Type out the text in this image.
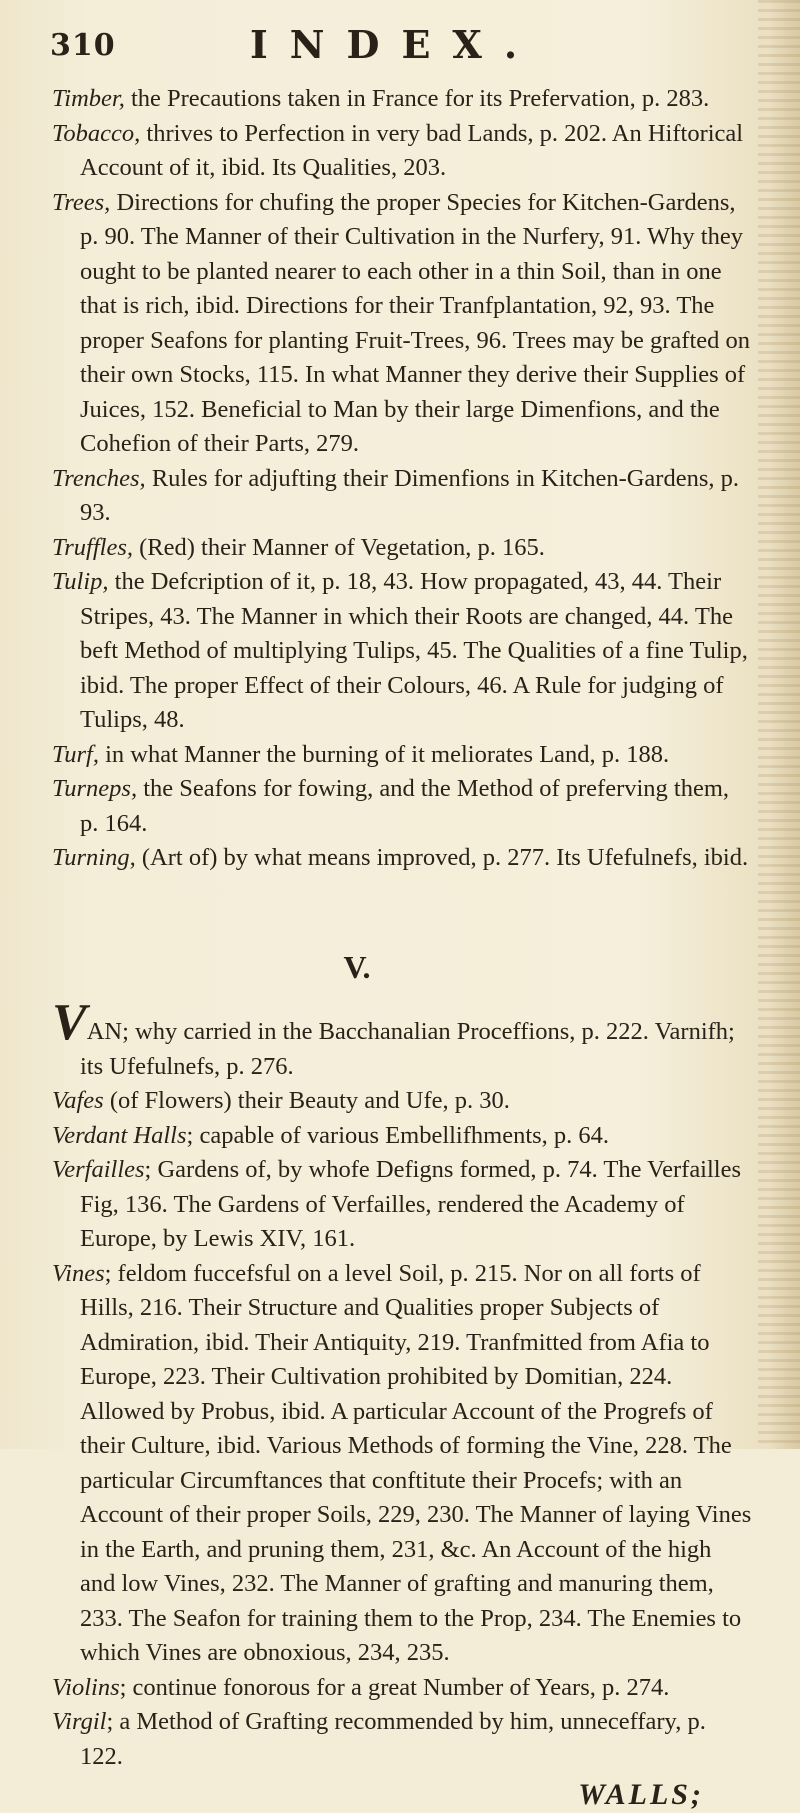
310	INDEX.

Timber, the Precautions taken in France for its Prefervation, p. 283.

Tobacco, thrives to Perfection in very bad Lands, p. 202. An Hiftorical Account of it, ibid. Its Qualities, 203.

Trees, Directions for chufing the proper Species for Kitchen-Gardens, p. 90. The Manner of their Cultivation in the Nurfery, 91. Why they ought to be planted nearer to each other in a thin Soil, than in one that is rich, ibid. Directions for their Tranfplantation, 92, 93. The proper Seafons for planting Fruit-Trees, 96. Trees may be grafted on their own Stocks, 115. In what Manner they derive their Supplies of Juices, 152. Beneficial to Man by their large Dimenfions, and the Cohefion of their Parts, 279.

Trenches, Rules for adjufting their Dimenfions in Kitchen-Gardens, p. 93.

Truffles, (Red) their Manner of Vegetation, p. 165.

Tulip, the Defcription of it, p. 18, 43. How propagated, 43, 44. Their Stripes, 43. The Manner in which their Roots are changed, 44. The beft Method of multiplying Tulips, 45. The Qualities of a fine Tulip, ibid. The proper Effect of their Colours, 46. A Rule for judging of Tulips, 48.

Turf, in what Manner the burning of it meliorates Land, p. 188.

Turneps, the Seafons for fowing, and the Method of preferving them, p. 164.

Turning, (Art of) by what means improved, p. 277. Its Ufefulnefs, ibid.

V.

VAN; why carried in the Bacchanalian Proceffions, p. 222. Varnifh; its Ufefulnefs, p. 276.

Vafes (of Flowers) their Beauty and Ufe, p. 30.

Verdant Halls; capable of various Embellifhments, p. 64.

Verfailles; Gardens of, by whofe Defigns formed, p. 74. The Verfailles Fig, 136. The Gardens of Verfailles, rendered the Academy of Europe, by Lewis XIV, 161.

Vines; feldom fuccefsful on a level Soil, p. 215. Nor on all forts of Hills, 216. Their Structure and Qualities proper Subjects of Admiration, ibid. Their Antiquity, 219. Tranfmitted from Afia to Europe, 223. Their Cultivation prohibited by Domitian, 224. Allowed by Probus, ibid. A particular Account of the Progrefs of their Culture, ibid. Various Methods of forming the Vine, 228. The particular Circumftances that conftitute their Procefs; with an Account of their proper Soils, 229, 230. The Manner of laying Vines in the Earth, and pruning them, 231, &c. An Account of the high and low Vines, 232. The Manner of grafting and manuring them, 233. The Seafon for training them to the Prop, 234. The Enemies to which Vines are obnoxious, 234, 235.

Violins; continue fonorous for a great Number of Years, p. 274.

Virgil; a Method of Grafting recommended by him, unneceffary, p. 122.

WALLS;
